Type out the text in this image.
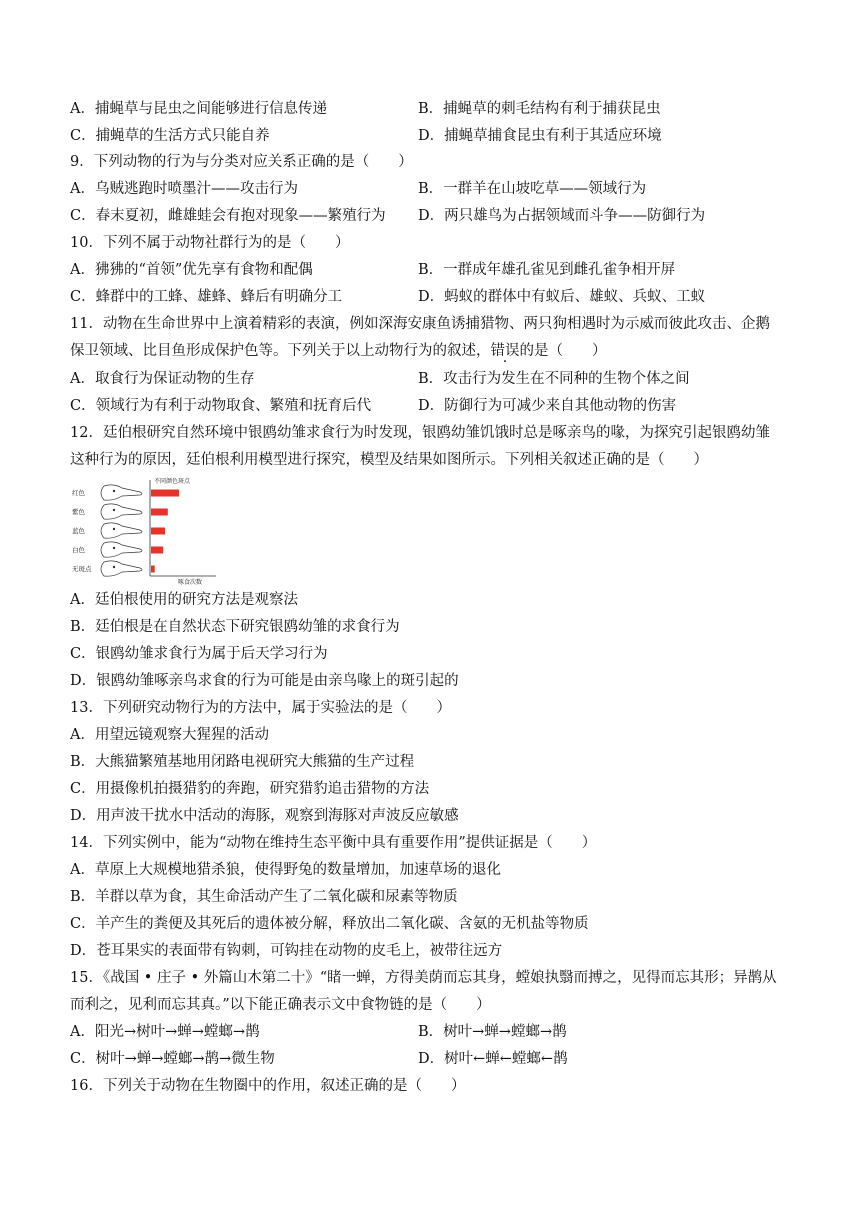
A．捕蝇草与昆虫之间能够进行信息传递	B．捕蝇草的刺毛结构有利于捕获昆虫
C．捕蝇草的生活方式只能自养	D．捕蝇草捕食昆虫有利于其适应环境
9．下列动物的行为与分类对应关系正确的是（　　）
A．乌贼逃跑时喷墨汁——攻击行为	B．一群羊在山坡吃草——领域行为
C．春末夏初，雌雄蛙会有抱对现象——繁殖行为 D．两只雄鸟为占据领域而斗争——防御行为
10．下列不属于动物社群行为的是（　　）
A．狒狒的“首领”优先享有食物和配偶	B．一群成年雄孔雀见到雌孔雀争相开屏
C．蜂群中的工蜂、雄蜂、蜂后有明确分工	D．蚂蚁的群体中有蚁后、雄蚁、兵蚁、工蚁
11．动物在生命世界中上演着精彩的表演，例如深海安康鱼诱捕猎物、两只狗相遇时为示威而彼此攻击、企鹅
保卫领域、比目鱼形成保护色等。下列关于以上动物行为的叙述，错误的是（　　）
A．取食行为保证动物的生存	B．攻击行为发生在不同种的生物个体之间
C．领域行为有利于动物取食、繁殖和抚育后代	D．防御行为可减少来自其他动物的伤害
12．廷伯根研究自然环境中银鸥幼雏求食行为时发现，银鸥幼雏饥饿时总是啄亲鸟的喙，为探究引起银鸥幼雏
这种行为的原因，廷伯根利用模型进行探究，模型及结果如图所示。下列相关叙述正确的是（　　）
不同颜色斑点
啄食次数
红色
紫色
蓝色
白色
无斑点
A．廷伯根使用的研究方法是观察法
B．廷伯根是在自然状态下研究银鸥幼雏的求食行为
C．银鸥幼雏求食行为属于后天学习行为
D．银鸥幼雏啄亲鸟求食的行为可能是由亲鸟喙上的斑引起的
13．下列研究动物行为的方法中，属于实验法的是（　　）
A．用望远镜观察大猩猩的活动
B．大熊猫繁殖基地用闭路电视研究大熊猫的生产过程
C．用摄像机拍摄猎豹的奔跑，研究猎豹追击猎物的方法
D．用声波干扰水中活动的海豚，观察到海豚对声波反应敏感
14．下列实例中，能为“动物在维持生态平衡中具有重要作用”提供证据是（　　）
A．草原上大规模地猎杀狼，使得野兔的数量增加，加速草场的退化
B．羊群以草为食，其生命活动产生了二氧化碳和尿素等物质
C．羊产生的粪便及其死后的遗体被分解，释放出二氧化碳、含氨的无机盐等物质
D．苍耳果实的表面带有钩刺，可钩挂在动物的皮毛上，被带往远方
15．《战国 • 庄子 • 外篇山木第二十》“睹一蝉，方得美荫而忘其身，螳娘执翳而搏之，见得而忘其形；异鹊从
而利之，见利而忘其真。”以下能正确表示文中食物链的是（　　）
A．阳光→树叶→蝉→螳螂→鹊	B．树叶→蝉→螳螂→鹊
C．树叶→蝉→螳螂→鹊→微生物	D．树叶←蝉←螳螂←鹊
16．下列关于动物在生物圈中的作用，叙述正确的是（　　）
